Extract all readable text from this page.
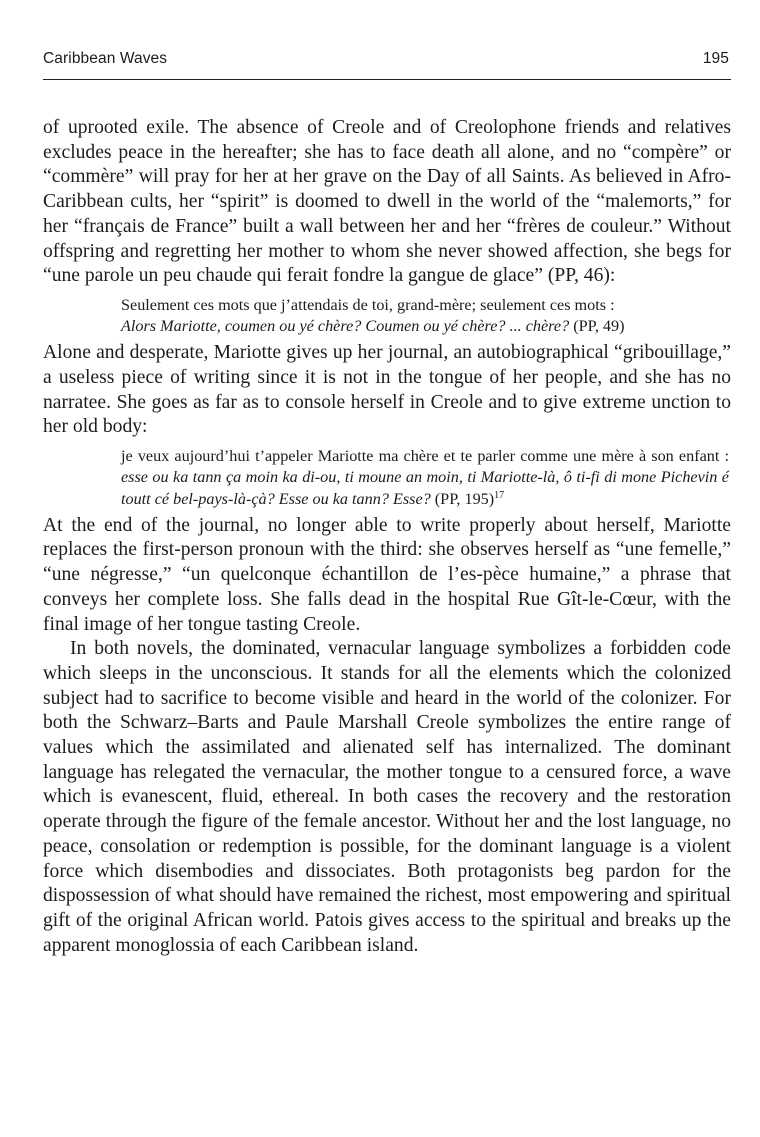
Caribbean Waves	195

of uprooted exile. The absence of Creole and of Creolophone friends and relatives excludes peace in the hereafter; she has to face death all alone, and no “compère” or “commère” will pray for her at her grave on the Day of all Saints. As believed in Afro-Caribbean cults, her “spirit” is doomed to dwell in the world of the “malemorts,” for her “français de France” built a wall between her and her “frères de couleur.” Without offspring and regretting her mother to whom she never showed affection, she begs for “une parole un peu chaude qui ferait fondre la gangue de glace” (PP, 46):

Seulement ces mots que j’attendais de toi, grand-mère; seulement ces mots :
Alors Mariotte, coumen ou yé chère? Coumen ou yé chère? ... chère? (PP, 49)

Alone and desperate, Mariotte gives up her journal, an autobiographical “gribouillage,” a useless piece of writing since it is not in the tongue of her people, and she has no narratee. She goes as far as to console herself in Creole and to give extreme unction to her old body:

je veux aujourd’hui t’appeler Mariotte ma chère et te parler comme une mère à son enfant : esse ou ka tann ça moin ka di-ou, ti moune an moin, ti Mariotte-là, ô ti-fi di mone Pichevin é toutt cé bel-pays-là-çà? Esse ou ka tann? Esse? (PP, 195)$^{17}$

At the end of the journal, no longer able to write properly about herself, Mariotte replaces the first-person pronoun with the third: she observes herself as “une femelle,” “une négresse,” “un quelconque échantillon de l’es-pèce humaine,” a phrase that conveys her complete loss. She falls dead in the hospital Rue Gît-le-Cœur, with the final image of her tongue tasting Creole.

In both novels, the dominated, vernacular language symbolizes a forbidden code which sleeps in the unconscious. It stands for all the elements which the colonized subject had to sacrifice to become visible and heard in the world of the colonizer. For both the Schwarz–Barts and Paule Marshall Creole symbolizes the entire range of values which the assimilated and alienated self has internalized. The dominant language has relegated the vernacular, the mother tongue to a censured force, a wave which is evanescent, fluid, ethereal. In both cases the recovery and the restoration operate through the figure of the female ancestor. Without her and the lost language, no peace, consolation or redemption is possible, for the dominant language is a violent force which disembodies and dissociates. Both protagonists beg pardon for the dispossession of what should have remained the richest, most empowering and spiritual gift of the original African world. Patois gives access to the spiritual and breaks up the apparent monoglossia of each Caribbean island.
